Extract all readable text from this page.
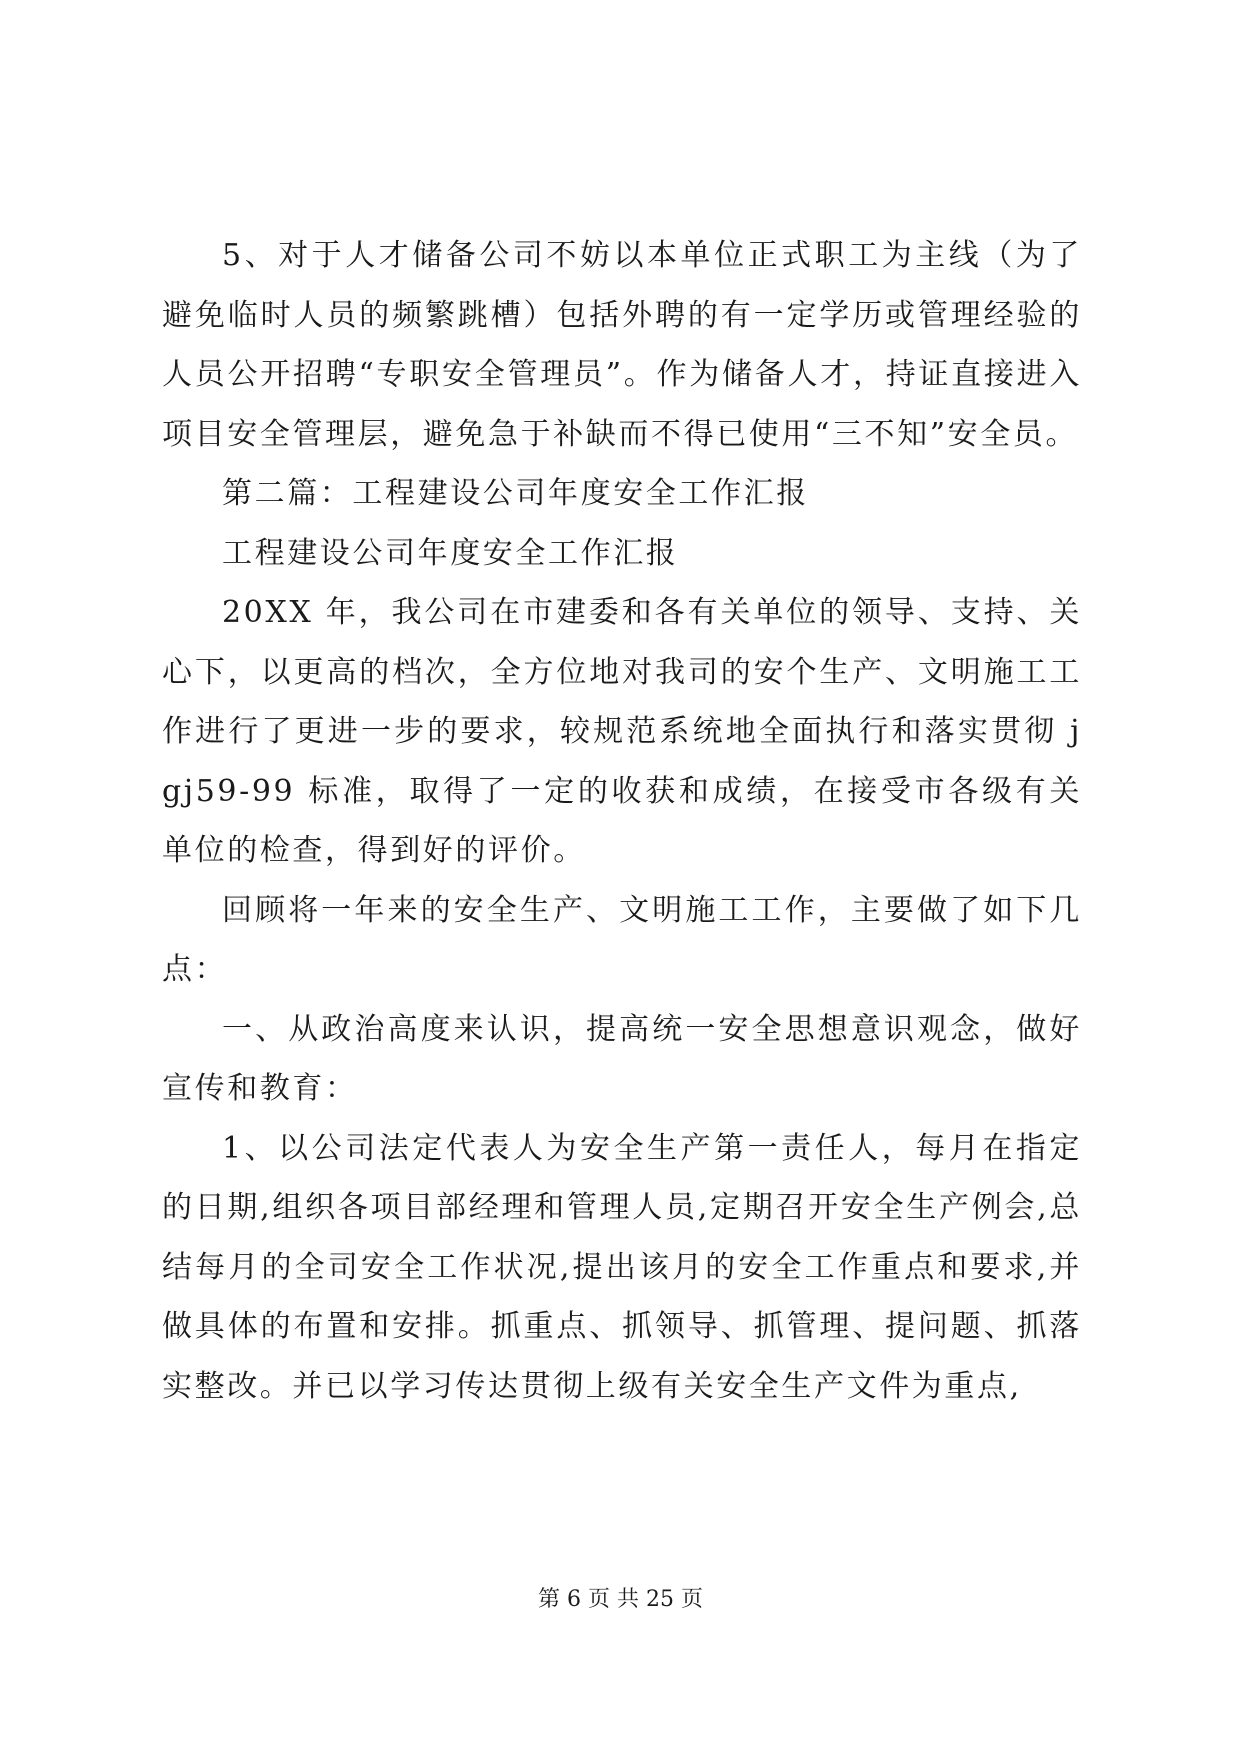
5、对于人才储备公司不妨以本单位正式职工为主线（为了避免临时人员的频繁跳槽）包括外聘的有一定学历或管理经验的人员公开招聘“专职安全管理员”。作为储备人才，持证直接进入项目安全管理层，避免急于补缺而不得已使用“三不知”安全员。

第二篇：工程建设公司年度安全工作汇报

工程建设公司年度安全工作汇报

20XX 年，我公司在市建委和各有关单位的领导、支持、关心下，以更高的档次，全方位地对我司的安个生产、文明施工工作进行了更进一步的要求，较规范系统地全面执行和落实贯彻 jgj59-99 标准，取得了一定的收获和成绩，在接受市各级有关单位的检查，得到好的评价。

回顾将一年来的安全生产、文明施工工作，主要做了如下几点：

一、从政治高度来认识，提高统一安全思想意识观念，做好宣传和教育：

1、以公司法定代表人为安全生产第一责任人，每月在指定的日期,组织各项目部经理和管理人员,定期召开安全生产例会,总结每月的全司安全工作状况,提出该月的安全工作重点和要求,并做具体的布置和安排。抓重点、抓领导、抓管理、提问题、抓落实整改。并已以学习传达贯彻上级有关安全生产文件为重点,

第 6 页 共 25 页
